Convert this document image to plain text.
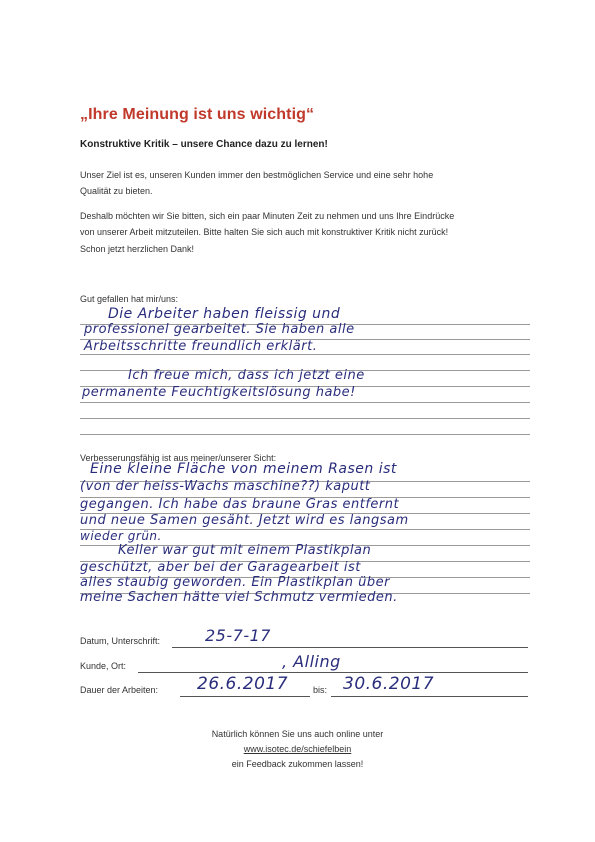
„Ihre Meinung ist uns wichtig“
Konstruktive Kritik – unsere Chance dazu zu lernen!
Unser Ziel ist es, unseren Kunden immer den bestmöglichen Service und eine sehr hohe
Qualität zu bieten.
Deshalb möchten wir Sie bitten, sich ein paar Minuten Zeit zu nehmen und uns Ihre Eindrücke
von unserer Arbeit mitzuteilen. Bitte halten Sie sich auch mit konstruktiver Kritik nicht zurück!
Schon jetzt herzlichen Dank!
Gut gefallen hat mir/uns:
Die Arbeiter haben fleissig und
professionel gearbeitet. Sie haben alle
Arbeitsschritte freundlich erklärt.
Ich freue mich, dass ich jetzt eine
permanente Feuchtigkeitslösung habe!
Verbesserungsfähig ist aus meiner/unserer Sicht:
Eine kleine Fläche von meinem Rasen ist
(von der heiss-Wachs maschine??) kaputt
gegangen. Ich habe das braune Gras entfernt
und neue Samen gesäht. Jetzt wird es langsam
wieder grün.
Keller war gut mit einem Plastikplan
geschützt, aber bei der Garagearbeit ist
alles staubig geworden. Ein Plastikplan über
meine Sachen hätte viel Schmutz vermieden.
Datum, Unterschrift:	25-7-17
Kunde, Ort:	, Alling
Dauer der Arbeiten: 26.6.2017	bis: 30.6.2017
Natürlich können Sie uns auch online unter
www.isotec.de/schiefelbein
ein Feedback zukommen lassen!
